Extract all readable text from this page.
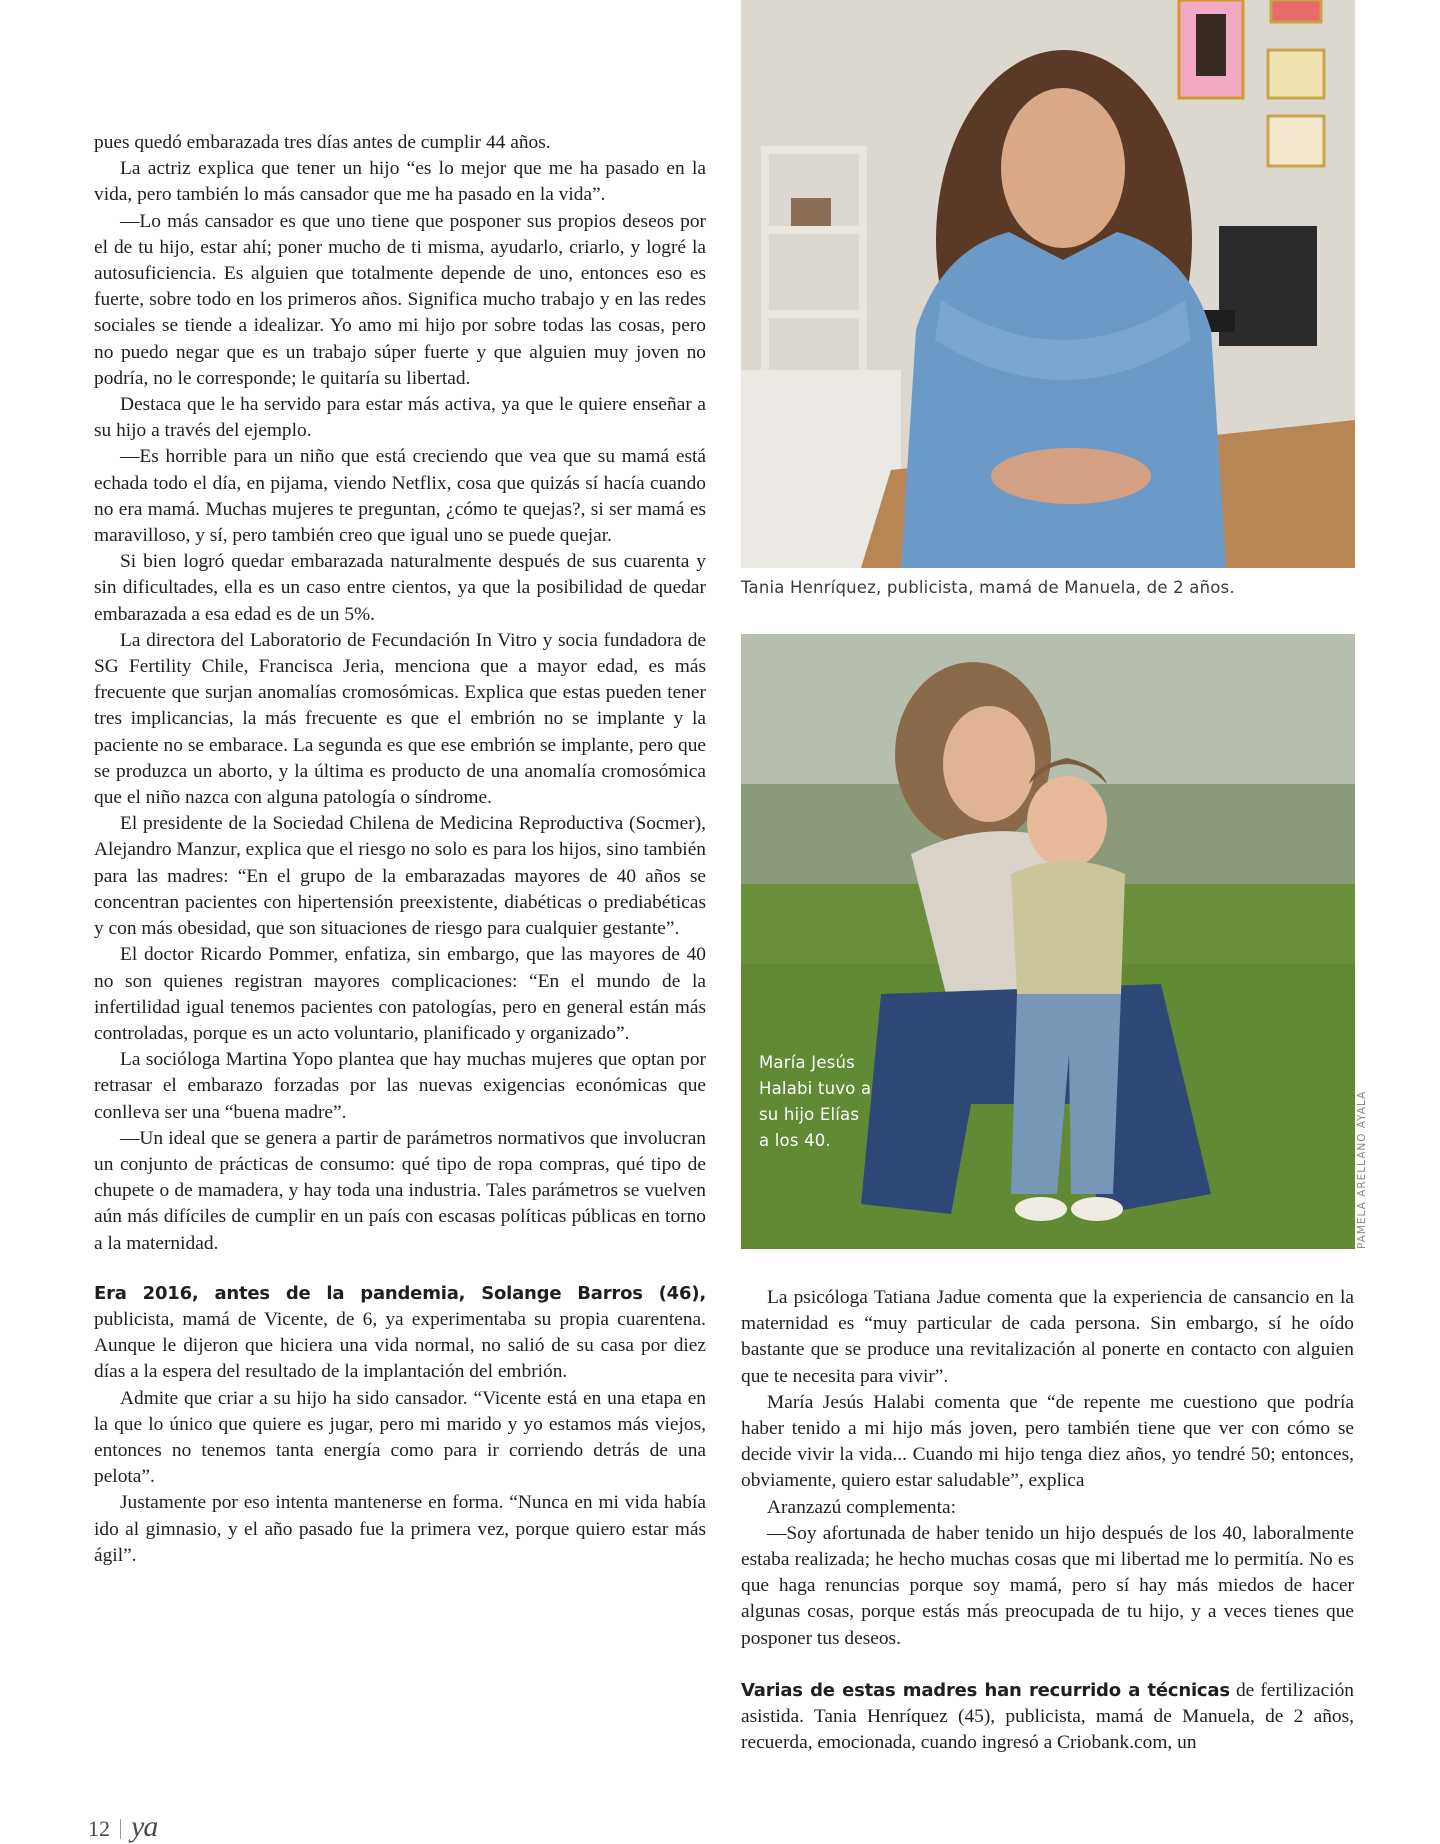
pues quedó embarazada tres días antes de cumplir 44 años.

La actriz explica que tener un hijo “es lo mejor que me ha pasado en la vida, pero también lo más cansador que me ha pasado en la vida”.

—Lo más cansador es que uno tiene que posponer sus propios deseos por el de tu hijo, estar ahí; poner mucho de ti misma, ayudarlo, criarlo, y logré la autosuficiencia. Es alguien que totalmente depende de uno, entonces eso es fuerte, sobre todo en los primeros años. Significa mucho trabajo y en las redes sociales se tiende a idealizar. Yo amo mi hijo por sobre todas las cosas, pero no puedo negar que es un trabajo súper fuerte y que alguien muy joven no podría, no le corresponde; le quitaría su libertad.

Destaca que le ha servido para estar más activa, ya que le quiere enseñar a su hijo a través del ejemplo.

—Es horrible para un niño que está creciendo que vea que su mamá está echada todo el día, en pijama, viendo Netflix, cosa que quizás sí hacía cuando no era mamá. Muchas mujeres te preguntan, ¿cómo te quejas?, si ser mamá es maravilloso, y sí, pero también creo que igual uno se puede quejar.

Si bien logró quedar embarazada naturalmente después de sus cuarenta y sin dificultades, ella es un caso entre cientos, ya que la posibilidad de quedar embarazada a esa edad es de un 5%.

La directora del Laboratorio de Fecundación In Vitro y socia fundadora de SG Fertility Chile, Francisca Jeria, menciona que a mayor edad, es más frecuente que surjan anomalías cromosómicas. Explica que estas pueden tener tres implicancias, la más frecuente es que el embrión no se implante y la paciente no se embarace. La segunda es que ese embrión se implante, pero que se produzca un aborto, y la última es producto de una anomalía cromosómica que el niño nazca con alguna patología o síndrome.

El presidente de la Sociedad Chilena de Medicina Reproductiva (Socmer), Alejandro Manzur, explica que el riesgo no solo es para los hijos, sino también para las madres: “En el grupo de la embarazadas mayores de 40 años se concentran pacientes con hipertensión preexistente, diabéticas o prediabéticas y con más obesidad, que son situaciones de riesgo para cualquier gestante”.

El doctor Ricardo Pommer, enfatiza, sin embargo, que las mayores de 40 no son quienes registran mayores complicaciones: “En el mundo de la infertilidad igual tenemos pacientes con patologías, pero en general están más controladas, porque es un acto voluntario, planificado y organizado”.

La socióloga Martina Yopo plantea que hay muchas mujeres que optan por retrasar el embarazo forzadas por las nuevas exigencias económicas que conlleva ser una “buena madre”.

—Un ideal que se genera a partir de parámetros normativos que involucran un conjunto de prácticas de consumo: qué tipo de ropa compras, qué tipo de chupete o de mamadera, y hay toda una industria. Tales parámetros se vuelven aún más difíciles de cumplir en un país con escasas políticas públicas en torno a la maternidad.

Era 2016, antes de la pandemia, Solange Barros (46), publicista, mamá de Vicente, de 6, ya experimentaba su propia cuarentena. Aunque le dijeron que hiciera una vida normal, no salió de su casa por diez días a la espera del resultado de la implantación del embrión.

Admite que criar a su hijo ha sido cansador. “Vicente está en una etapa en la que lo único que quiere es jugar, pero mi marido y yo estamos más viejos, entonces no tenemos tanta energía como para ir corriendo detrás de una pelota”.

Justamente por eso intenta mantenerse en forma. “Nunca en mi vida había ido al gimnasio, y el año pasado fue la primera vez, porque quiero estar más ágil”.

Tania Henríquez, publicista, mamá de Manuela, de 2 años.
María Jesús
Halabi tuvo a
su hijo Elías
a los 40.	PAMELA ARELLANO AYALA

La psicóloga Tatiana Jadue comenta que la experiencia de cansancio en la maternidad es “muy particular de cada persona. Sin embargo, sí he oído bastante que se produce una revitalización al ponerte en contacto con alguien que te necesita para vivir”.

María Jesús Halabi comenta que “de repente me cuestiono que podría haber tenido a mi hijo más joven, pero también tiene que ver con cómo se decide vivir la vida... Cuando mi hijo tenga diez años, yo tendré 50; entonces, obviamente, quiero estar saludable”, explica

Aranzazú complementa:

—Soy afortunada de haber tenido un hijo después de los 40, laboralmente estaba realizada; he hecho muchas cosas que mi libertad me lo permitía. No es que haga renuncias porque soy mamá, pero sí hay más miedos de hacer algunas cosas, porque estás más preocupada de tu hijo, y a veces tienes que posponer tus deseos.

Varias de estas madres han recurrido a técnicas de fertilización asistida. Tania Henríquez (45), publicista, mamá de Manuela, de 2 años, recuerda, emocionada, cuando ingresó a Criobank.com, un

12 ya
